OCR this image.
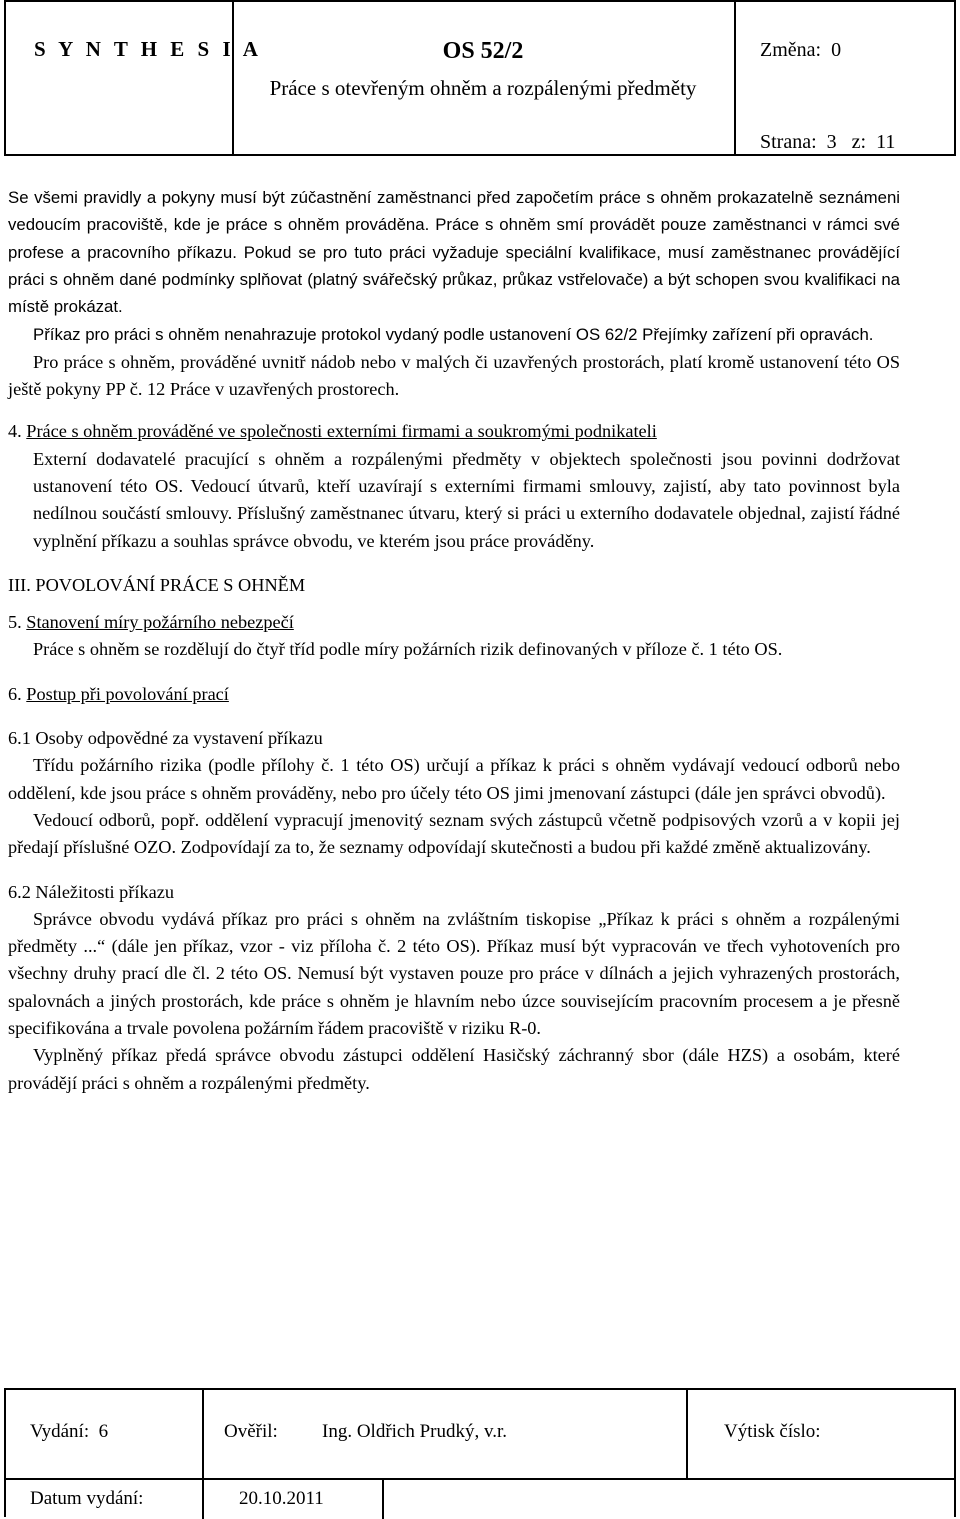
S Y N T H E S I A	OS 52/2
Práce s otevřeným ohněm a rozpálenými předměty
Změna:  0
Strana:  3   z:  11

Se všemi pravidly a pokyny musí být zúčastnění zaměstnanci před započetím práce s ohněm prokazatelně seznámeni vedoucím pracoviště, kde je práce s ohněm prováděna. Práce s ohněm smí provádět pouze zaměstnanci v rámci své profese a pracovního příkazu. Pokud se pro tuto práci vyžaduje speciální kvalifikace, musí zaměstnanec provádějící práci s ohněm dané podmínky splňovat (platný svářečský průkaz, průkaz vstřelovače) a být schopen svou kvalifikaci na místě prokázat.

Příkaz pro práci s ohněm nenahrazuje protokol vydaný podle ustanovení OS 62/2 Přejímky zařízení při opravách.

Pro práce s ohněm, prováděné uvnitř nádob nebo v malých či uzavřených prostorách, platí kromě ustanovení této OS ještě pokyny PP č. 12 Práce v uzavřených prostorech.

4. Práce s ohněm prováděné ve společnosti externími firmami a soukromými podnikateli

Externí dodavatelé pracující s ohněm a rozpálenými předměty v objektech společnosti jsou povinni dodržovat ustanovení této OS. Vedoucí útvarů, kteří uzavírají s externími firmami smlouvy, zajistí, aby tato povinnost byla nedílnou součástí smlouvy. Příslušný zaměstnanec útvaru, který si práci u externího dodavatele objednal, zajistí řádné vyplnění příkazu a souhlas správce obvodu, ve kterém jsou práce prováděny.

III. POVOLOVÁNÍ PRÁCE S OHNĚM

5. Stanovení míry požárního nebezpečí

Práce s ohněm se rozdělují do čtyř tříd podle míry požárních rizik definovaných v příloze č. 1 této OS.

6. Postup při povolování prací

6.1 Osoby odpovědné za vystavení příkazu

Třídu požárního rizika (podle přílohy č. 1 této OS) určují a příkaz k práci s ohněm vydávají vedoucí odborů nebo oddělení, kde jsou práce s ohněm prováděny, nebo pro účely této OS jimi jmenovaní zástupci (dále jen správci obvodů).

Vedoucí odborů, popř. oddělení vypracují jmenovitý seznam svých zástupců včetně podpisových vzorů a v kopii jej předají příslušné OZO. Zodpovídají za to, že seznamy odpovídají skutečnosti a budou při každé změně aktualizovány.

6.2 Náležitosti příkazu

Správce obvodu vydává příkaz pro práci s ohněm na zvláštním tiskopise „Příkaz k práci s ohněm a rozpálenými předměty ...“ (dále jen příkaz, vzor - viz příloha č. 2 této OS). Příkaz musí být vypracován ve třech vyhotoveních pro všechny druhy prací dle čl. 2 této OS. Nemusí být vystaven pouze pro práce v dílnách a jejich vyhrazených prostorách, spalovnách a jiných prostorách, kde práce s ohněm je hlavním nebo úzce souvisejícím pracovním procesem a je přesně specifikována a trvale povolena požárním řádem pracoviště v riziku R-0.

Vyplněný příkaz předá správce obvodu zástupci oddělení Hasičský záchranný sbor (dále HZS) a osobám, které provádějí práci s ohněm a rozpálenými předměty.

Vydání:  6	Ověřil: Ing. Oldřich Prudký, v.r.	Výtisk číslo:
Datum vydání:	20.10.2011
